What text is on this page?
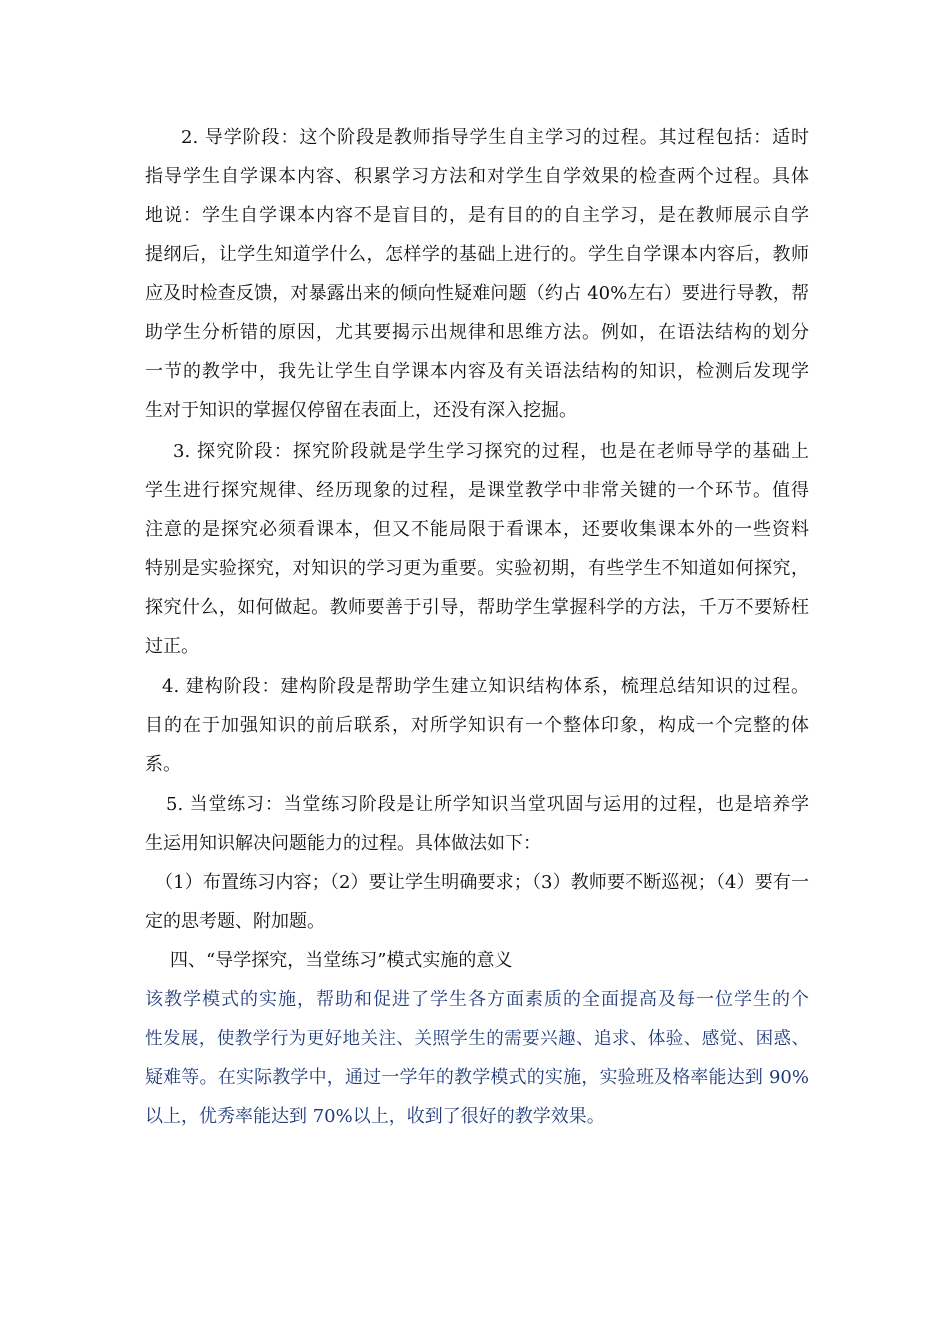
2. 导学阶段：这个阶段是教师指导学生自主学习的过程。其过程包括：适时
指导学生自学课本内容、积累学习方法和对学生自学效果的检查两个过程。具体
地说：学生自学课本内容不是盲目的，是有目的的自主学习，是在教师展示自学
提纲后，让学生知道学什么，怎样学的基础上进行的。学生自学课本内容后，教师
应及时检查反馈，对暴露出来的倾向性疑难问题（约占 40%左右）要进行导教，帮
助学生分析错的原因，尤其要揭示出规律和思维方法。例如，在语法结构的划分
一节的教学中，我先让学生自学课本内容及有关语法结构的知识，检测后发现学
生对于知识的掌握仅停留在表面上，还没有深入挖掘。
3. 探究阶段：探究阶段就是学生学习探究的过程，也是在老师导学的基础上
学生进行探究规律、经历现象的过程，是课堂教学中非常关键的一个环节。值得
注意的是探究必须看课本，但又不能局限于看课本，还要收集课本外的一些资料
特别是实验探究，对知识的学习更为重要。实验初期，有些学生不知道如何探究，
探究什么，如何做起。教师要善于引导，帮助学生掌握科学的方法，千万不要矫枉
过正。
4. 建构阶段：建构阶段是帮助学生建立知识结构体系，梳理总结知识的过程。
目的在于加强知识的前后联系，对所学知识有一个整体印象，构成一个完整的体
系。
5. 当堂练习：当堂练习阶段是让所学知识当堂巩固与运用的过程，也是培养学
生运用知识解决问题能力的过程。具体做法如下：
（1）布置练习内容；（2）要让学生明确要求；（3）教师要不断巡视；（4）要有一
定的思考题、附加题。
四、“导学探究，当堂练习”模式实施的意义
该教学模式的实施，帮助和促进了学生各方面素质的全面提高及每一位学生的个
性发展，使教学行为更好地关注、关照学生的需要兴趣、追求、体验、感觉、困惑、
疑难等。在实际教学中，通过一学年的教学模式的实施，实验班及格率能达到 90%
以上，优秀率能达到 70%以上，收到了很好的教学效果。
